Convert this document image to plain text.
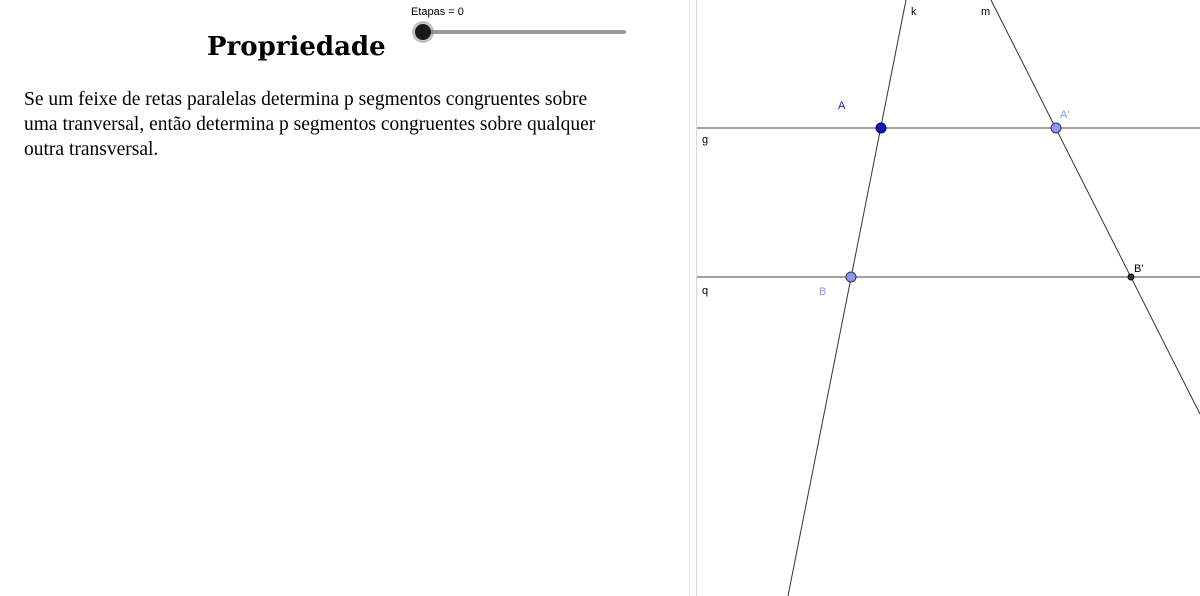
Propriedade
Se um feixe de retas paralelas determina p segmentos congruentes sobre
uma tranversal, então determina p segmentos congruentes sobre qualquer
outra transversal.
Etapas = 0
g
q
k	m
A
A'
B
B'
